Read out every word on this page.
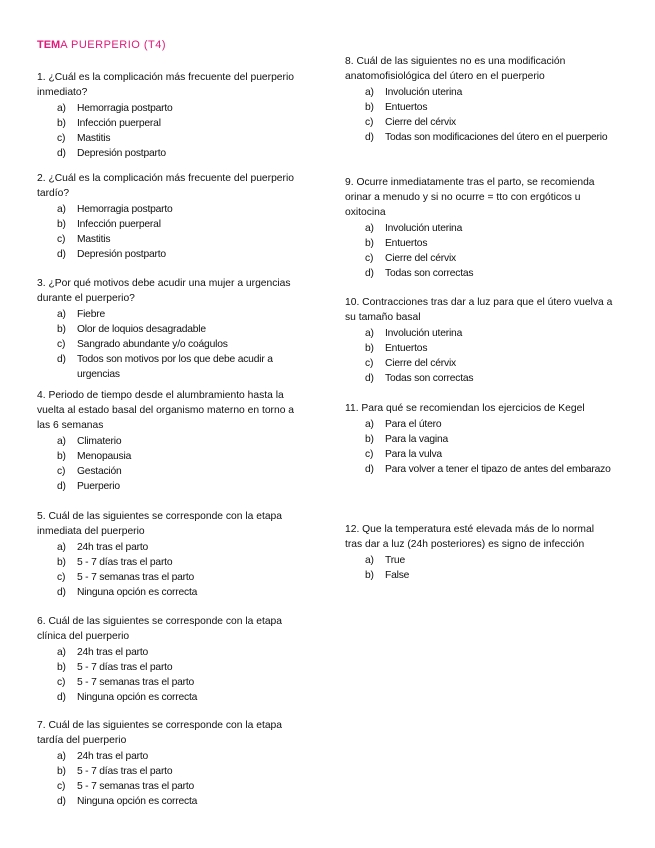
TEMA PUERPERIO (T4)
1. ¿Cuál es la complicación más frecuente del puerperio inmediato?
a)	Hemorragia postparto
b)	Infección puerperal
c)	Mastitis
d)	Depresión postparto
2. ¿Cuál es la complicación más frecuente del puerperio tardío?
a)	Hemorragia postparto
b)	Infección puerperal
c)	Mastitis
d)	Depresión postparto
3. ¿Por qué motivos debe acudir una mujer a urgencias durante el puerperio?
a)	Fiebre
b)	Olor de loquios desagradable
c)	Sangrado abundante y/o coágulos
d)	Todos son motivos por los que debe acudir a urgencias
4. Periodo de tiempo desde el alumbramiento hasta la vuelta al estado basal del organismo materno en torno a las 6 semanas
a)	Climaterio
b)	Menopausia
c)	Gestación
d)	Puerperio
5. Cuál de las siguientes se corresponde con la etapa inmediata del puerperio
a)	24h tras el parto
b)	5 - 7 días tras el parto
c)	5 - 7 semanas tras el parto
d)	Ninguna opción es correcta
6. Cuál de las siguientes se corresponde con la etapa clínica del puerperio
a)	24h tras el parto
b)	5 - 7 días tras el parto
c)	5 - 7 semanas tras el parto
d)	Ninguna opción es correcta
7. Cuál de las siguientes se corresponde con la etapa tardía del puerperio
a)	24h tras el parto
b)	5 - 7 días tras el parto
c)	5 - 7 semanas tras el parto
d)	Ninguna opción es correcta
8. Cuál de las siguientes no es una modificación anatomofisiológica del útero en el puerperio
a)	Involución uterina
b)	Entuertos
c)	Cierre del cérvix
d)	Todas son modificaciones del útero en el puerperio
9. Ocurre inmediatamente tras el parto, se recomienda orinar a menudo y si no ocurre = tto con ergóticos u oxitocina
a)	Involución uterina
b)	Entuertos
c)	Cierre del cérvix
d)	Todas son correctas
10. Contracciones tras dar a luz para que el útero vuelva a su tamaño basal
a)	Involución uterina
b)	Entuertos
c)	Cierre del cérvix
d)	Todas son correctas
11. Para qué se recomiendan los ejercicios de Kegel
a)	Para el útero
b)	Para la vagina
c)	Para la vulva
d)	Para volver a tener el tipazo de antes del embarazo
12. Que la temperatura esté elevada más de lo normal tras dar a luz (24h posteriores) es signo de infección
a)	True
b)	False
